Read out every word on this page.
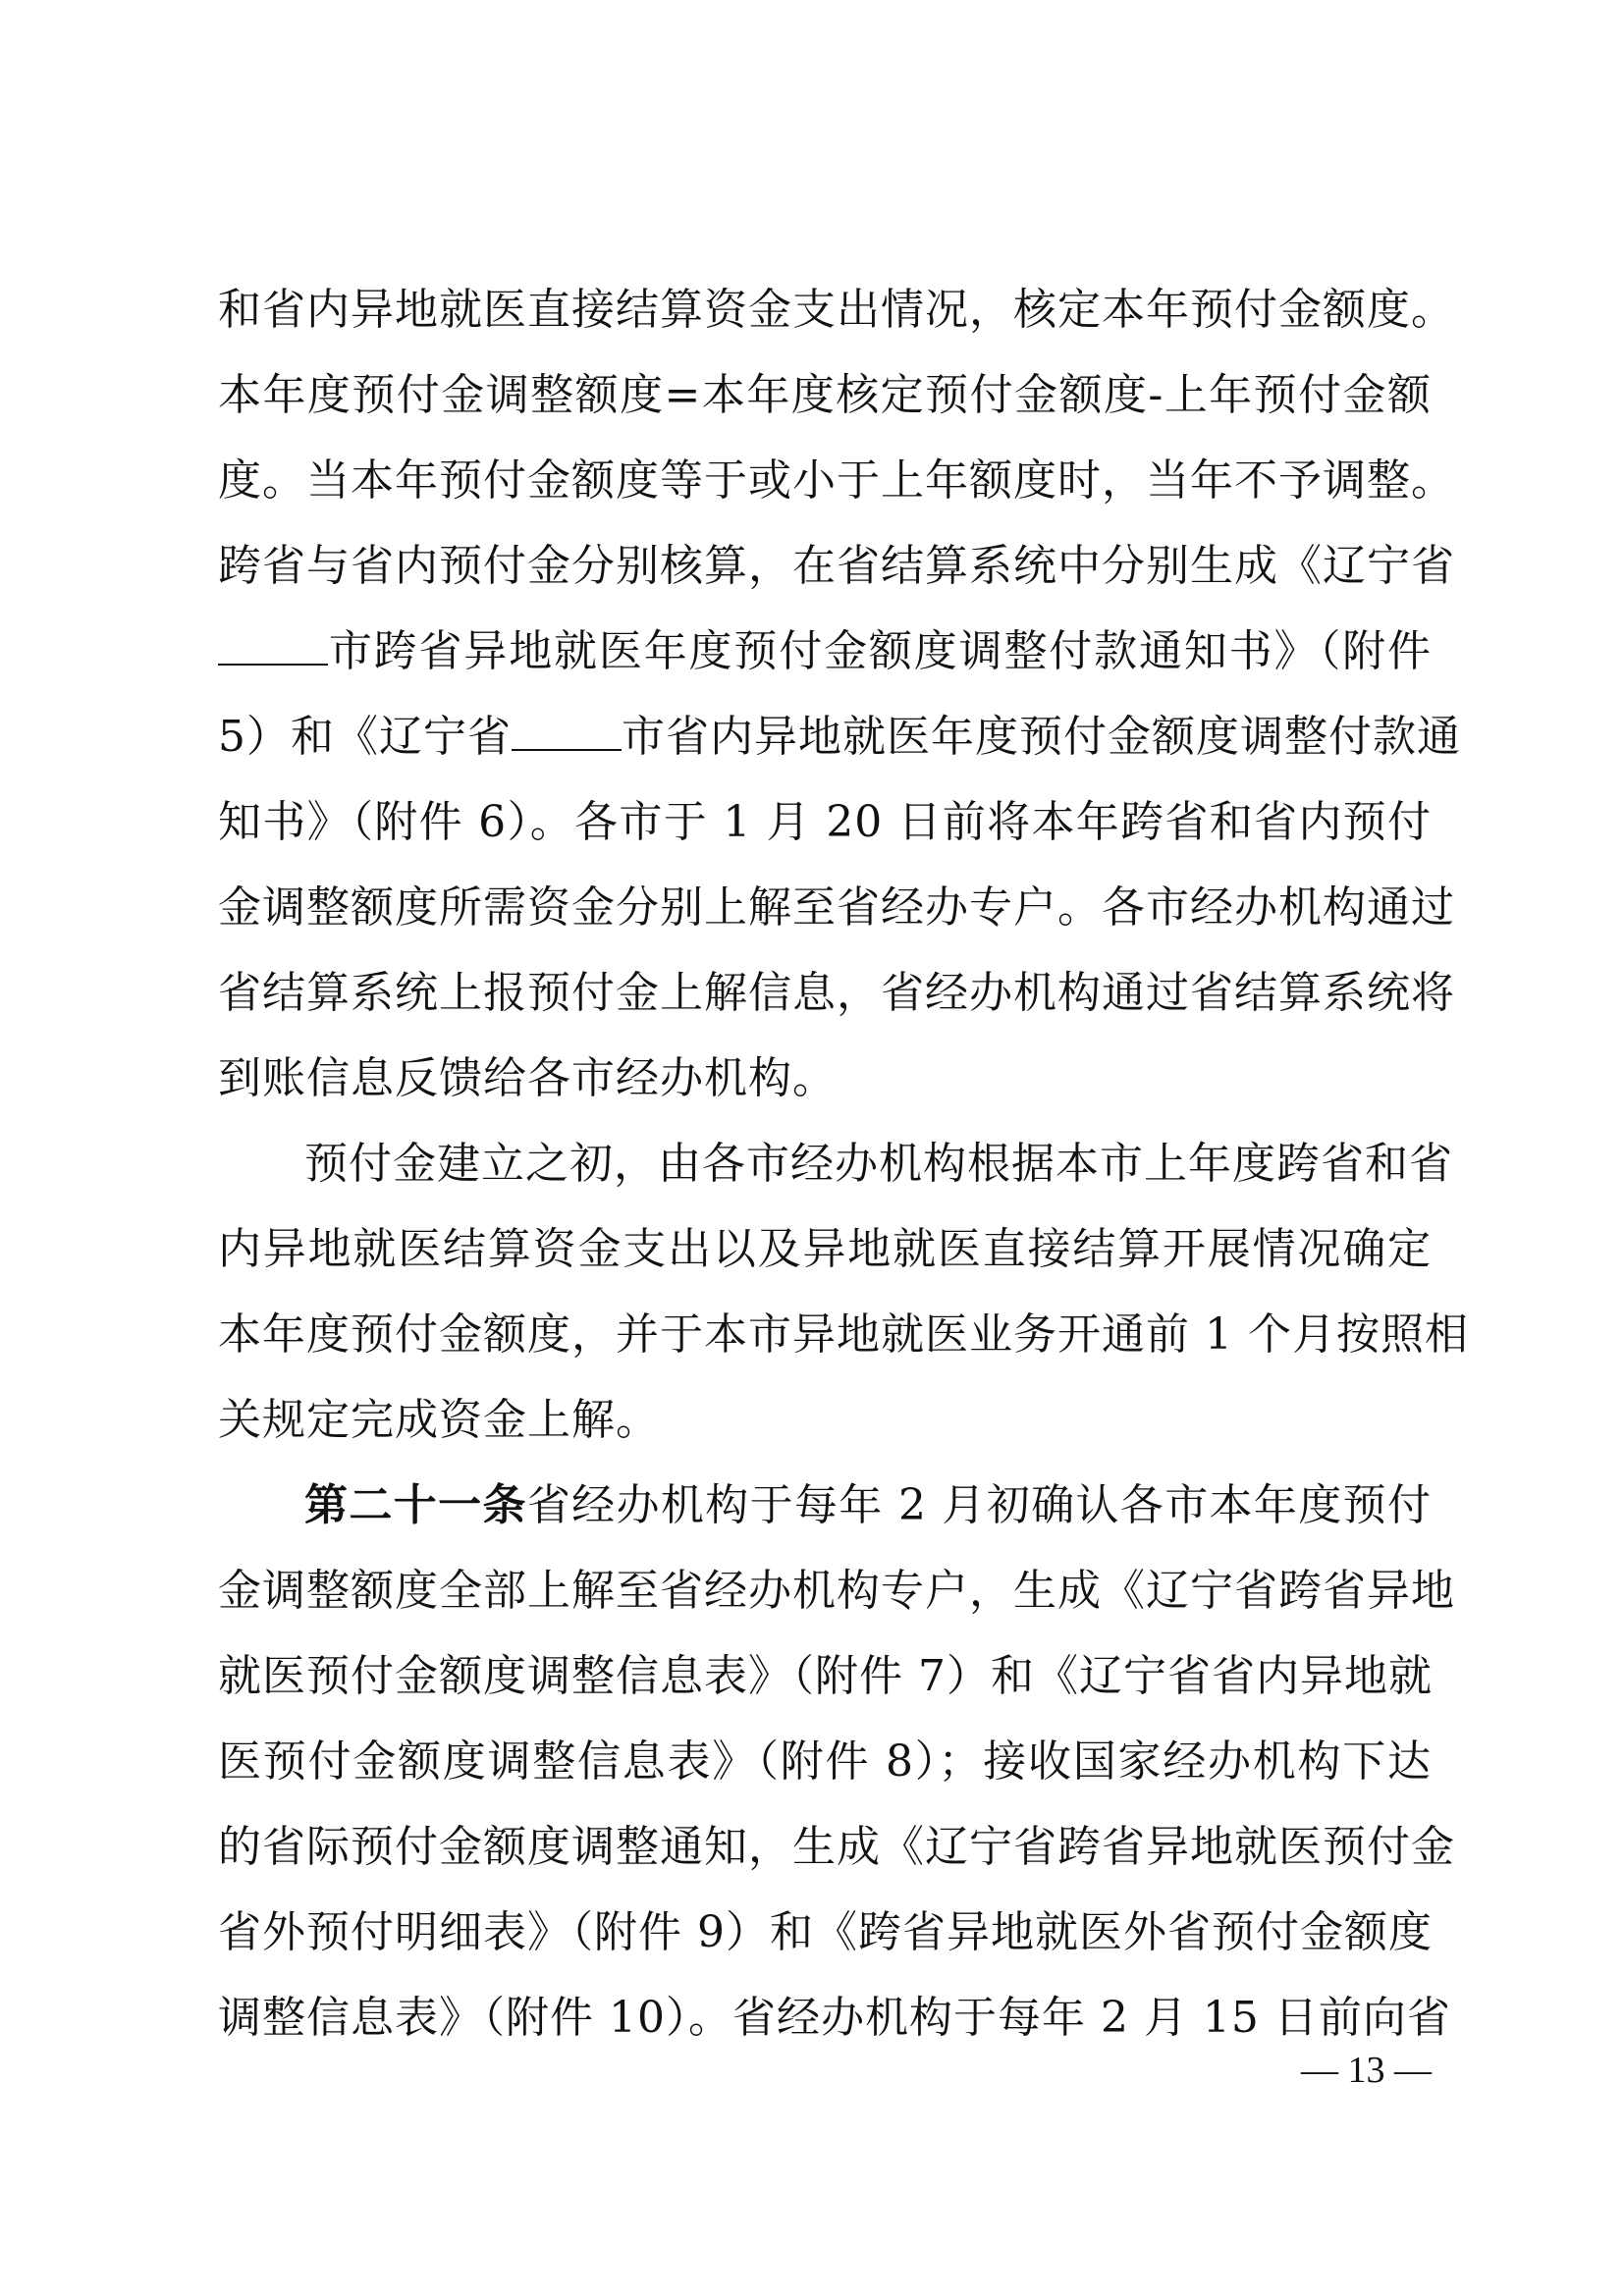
和省内异地就医直接结算资金支出情况，核定本年预付金额度。
本年度预付金调整额度=本年度核定预付金额度-上年预付金额
度。当本年预付金额度等于或小于上年额度时，当年不予调整。
跨省与省内预付金分别核算，在省结算系统中分别生成《辽宁省
市跨省异地就医年度预付金额度调整付款通知书》（附件
5）和《辽宁省	市省内异地就医年度预付金额度调整付款通
知书》（附件 6）。各市于 1 月 20 日前将本年跨省和省内预付
金调整额度所需资金分别上解至省经办专户。各市经办机构通过
省结算系统上报预付金上解信息，省经办机构通过省结算系统将
到账信息反馈给各市经办机构。
预付金建立之初，由各市经办机构根据本市上年度跨省和省
内异地就医结算资金支出以及异地就医直接结算开展情况确定
本年度预付金额度，并于本市异地就医业务开通前 1 个月按照相
关规定完成资金上解。
第二十一条省经办机构于每年 2 月初确认各市本年度预付
金调整额度全部上解至省经办机构专户，生成《辽宁省跨省异地
就医预付金额度调整信息表》（附件 7）和《辽宁省省内异地就
医预付金额度调整信息表》（附件 8）；接收国家经办机构下达
的省际预付金额度调整通知，生成《辽宁省跨省异地就医预付金
省外预付明细表》（附件 9）和《跨省异地就医外省预付金额度
调整信息表》（附件 10）。省经办机构于每年 2 月 15 日前向省
— 13 —
